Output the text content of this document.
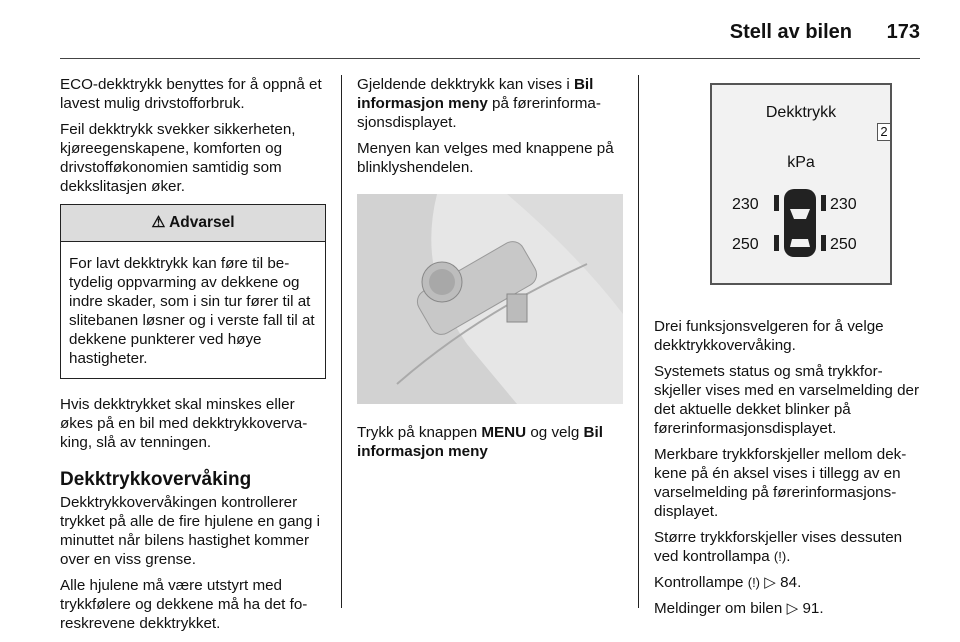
Stell av bilen 173

ECO-dekktrykk benyttes for å oppnå et lavest mulig drivstofforbruk.

Feil dekktrykk svekker sikkerheten, kjøreegenskapene, komforten og drivstofføkonomien samtidig som dekkslitasjen øker.

⚠ Advarsel
For lavt dekktrykk kan føre til betydelig oppvarming av dekkene og indre skader, som i sin tur fører til at slitebanen løsner og i verste fall til at dekkene punkterer ved høye hastigheter.

Hvis dekktrykket skal minskes eller økes på en bil med dekktrykkovervaking, slå av tenningen.

Dekktrykkovervåking

Dekktrykkovervåkingen kontrollerer trykket på alle de fire hjulene en gang i minuttet når bilens hastighet kommer over en viss grense.

Alle hjulene må være utstyrt med trykkfølere og dekkene må ha det foreskrevene dekktrykket.

Gjeldende dekktrykk kan vises i Bil informasjon meny på førerinformasjonsdisplayet.

Menyen kan velges med knappene på blinklyshendelen.

Trykk på knappen MENU og velg Bil informasjon meny

Dekktrykk
2
kPa
230	230
250	250

Drei funksjonsvelgeren for å velge dekktrykkovervåking.

Systemets status og små trykkforskjeller vises med en varselmelding der det aktuelle dekket blinker på førerinformasjonsdisplayet.

Merkbare trykkforskjeller mellom dekkene på én aksel vises i tillegg av en varselmelding på førerinformasjonsdisplayet.

Større trykkforskjeller vises dessuten ved kontrollampa (!).

Kontrollampe (!) ▷ 84.

Meldinger om bilen ▷ 91.
